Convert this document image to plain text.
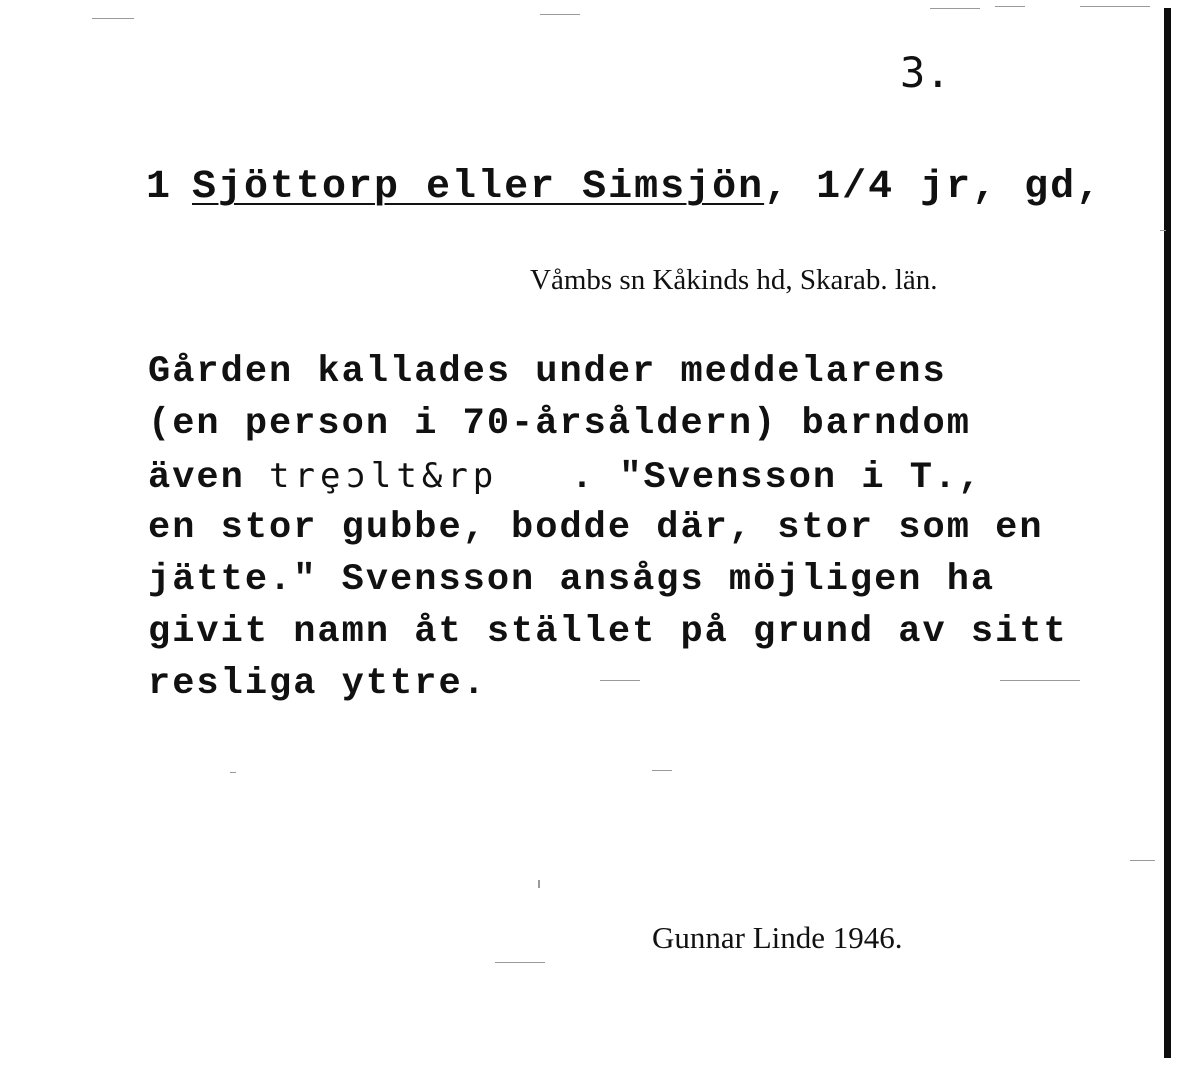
3.
1 Sjöttorp eller Simsjön, 1/4 jr, gd,
Våmbs sn Kåkinds hd, Skarab. län.
Gården kallades under meddelarens
(en person i 70-årsåldern) barndom
även trȩɔlt&rp   . "Svensson i T.,
en stor gubbe, bodde där, stor som en
jätte." Svensson ansågs möjligen ha
givit namn åt stället på grund av sitt
resliga yttre.
Gunnar Linde 1946.
